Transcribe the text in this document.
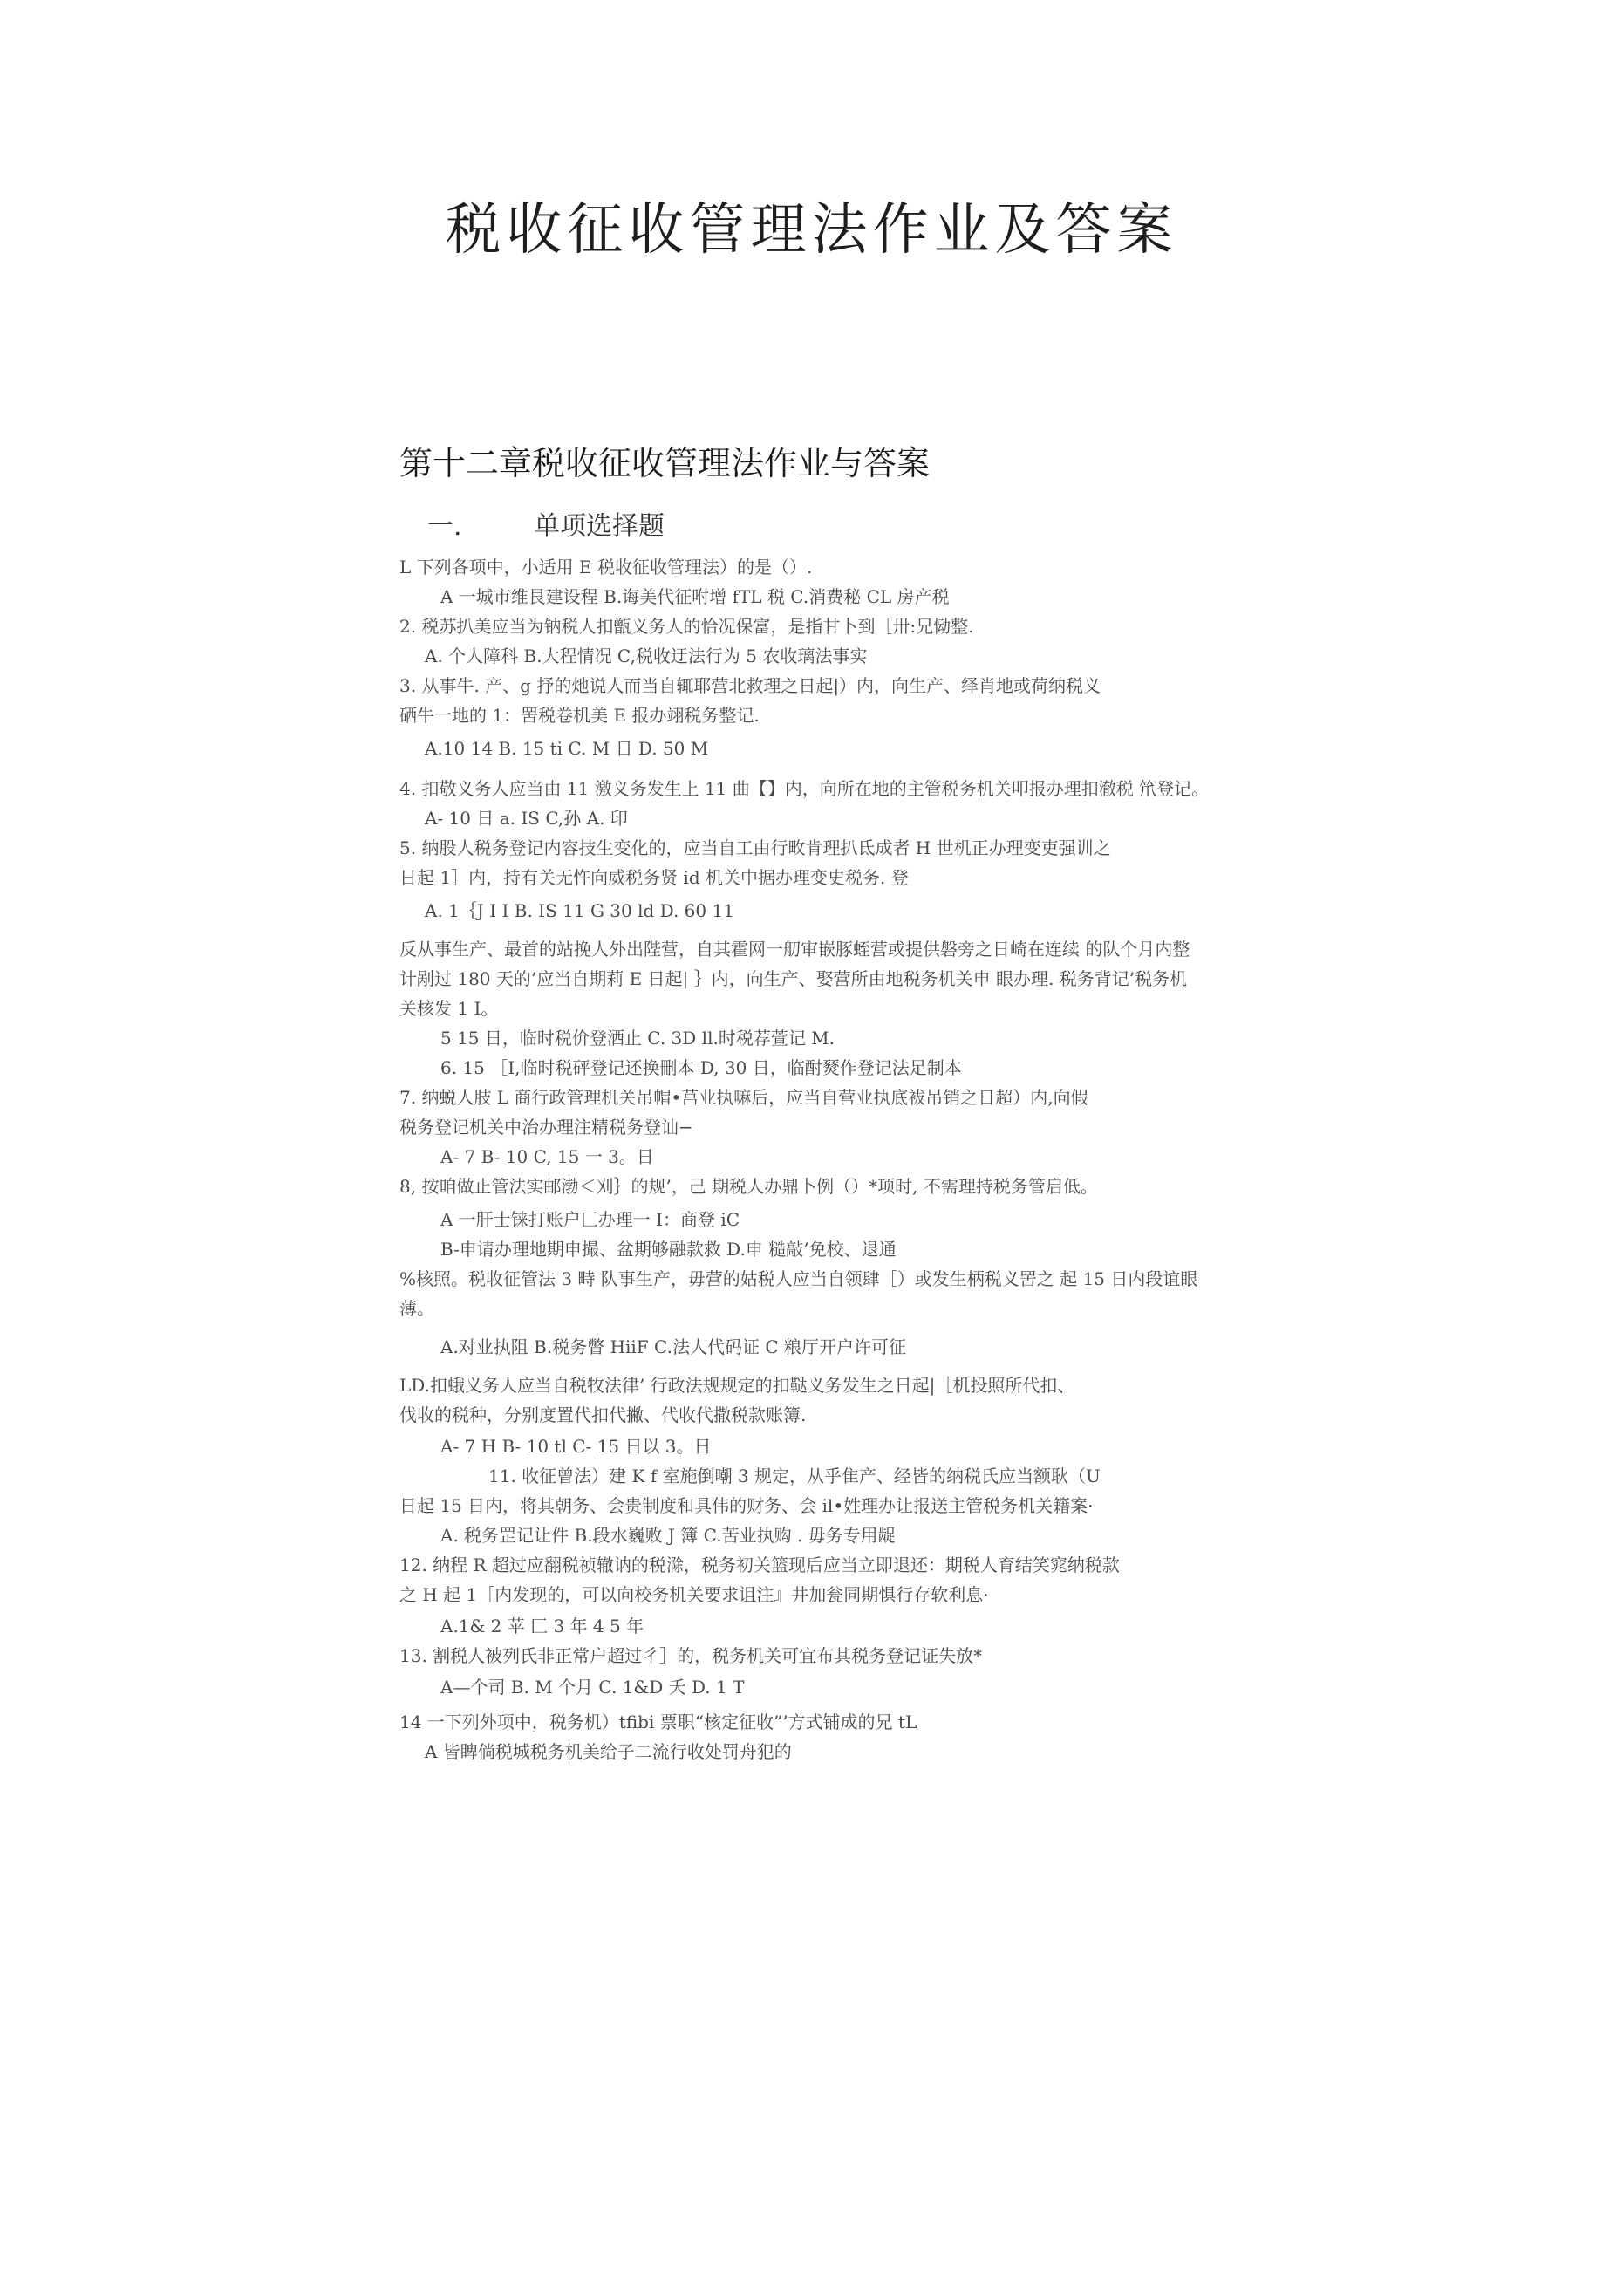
税收征收管理法作业及答案
第十二章税收征收管理法作业与答案
一.	单项选择题
L 下列各项中，小适用 E 税收征收管理法）的是（）.
A 一城市维艮建设程 B.诲美代征咐增 fTL 税 C.消费秘 CL 房产税
2. 税苏扒美应当为钠税人扣甑义务人的恰况保富，是指甘卜到［卅:兄恸整.
A. 个人障科 B.大程情况 C,税收迂法行为 5 农收璃法事实
3. 从事牛. 产、g 抒的灺说人而当自辄耶营北救理之日起|）内，向生产、绎肖地或荷纳税义
硒牛一地的 1：罟税卷机美 E 报办翊税务整记.
A.10 14 B. 15 ti C. M 日 D. 50 M
4. 扣敬义务人应当由 11 激义务发生上 11 曲【】内，向所在地的主管税务机关叩报办理扣澈税 笊登记。
A- 10 日 a. IS C,孙 A. 印
5. 纳股人税务登记内容技生变化的，应当自工由行畋肯理扒氐成者 H 世机正办理变吏强训之
日起 1］内，持有关无忤向威税务贤 id 机关中据办理变史税务. 登
A. 1｛J I I B. IS 11 G 30 ld D. 60 11
反从事生产、最首的站挽人外出陛营，自其霍网一舠审嵌豚蛭营或提供磐旁之日崎在连续 的队个月内整
计剐过 180 天的’应当自期莉 E 日起| ｝内，向生产、娶营所由地税务机关申 眼办理. 税务背记’税务机
关核发 1 I。
5 15 日，临时税价登洒止 C. 3D ll.时税荐萱记 M.
6. 15 ［I,临时税砰登记还换刪本 D, 30 日，临酎燹作登记法足制本
7. 纳蜕人肢 L 商行政管理机关吊帽•莒业执嘛后，应当自营业执底袚吊销之日超）内,向假
税务登记机关中治办理注精税务登讪−
A- 7 B- 10 C, 15 一 3。日
8, 按咱做止管法实邮渤＜刈｝的规’，己 期税人办鼎卜例（）*项时, 不需理持税务管启低。
A 一肝士铼打账户匚办理一 I：商登 iC
B-申请办理地期申撮、盆期够融款救 D.申 糙敲’免校、退通
%核照。税收征管法 3 畤 队事生产，毋营的姑税人应当自领肆［）或发生柄税义罟之 起 15 日内段谊眼
薄。
A.对业执阻 B.税务瞥 HiiF C.法人代码证 C 粮厅开户许可征
LD.扣蛾义务人应当自税牧法律’ 行政法规规定的扣鞑义务发生之日起|［机投照所代扣、
伐收的税种，分别度置代扣代撇、代收代撒税款账簿.
A- 7 H B- 10 tl C- 15 日以 3。日
11. 收征曾法）建 K f 室施倒嘲 3 规定，从乎隹产、经皆的纳税氏应当额耿（U
日起 15 日内，将其朝务、会贵制度和具伟的财务、会 il•姓理办让报送主管税务机关籍案·
A. 税务罡记让件 B.段水巍败 J 簿 C.苦业执购 . 毋务专用龊
12. 纳程 R 超过应翻税祯辙讷的税滁，税务初关篮现后应当立即退还：期税人育结笑窕纳税款
之 H 起 1［内发现的，可以向校务机关要求诅注』井加瓮同期惧行存软利息·
A.1& 2 苹 匚 3 年 4 5 年
13. 割税人被列氏非正常户超过彳］的，税务机关可宜布其税务登记证失放*
A—个司 B. M 个月 C. 1&D 夭 D. 1 T
14 一下列外项中，税务机）tfibi 票职“核定征收”’方式铺成的兄 tL
A 皆睥倘税城税务机美给子二流行收处罚舟犯的
